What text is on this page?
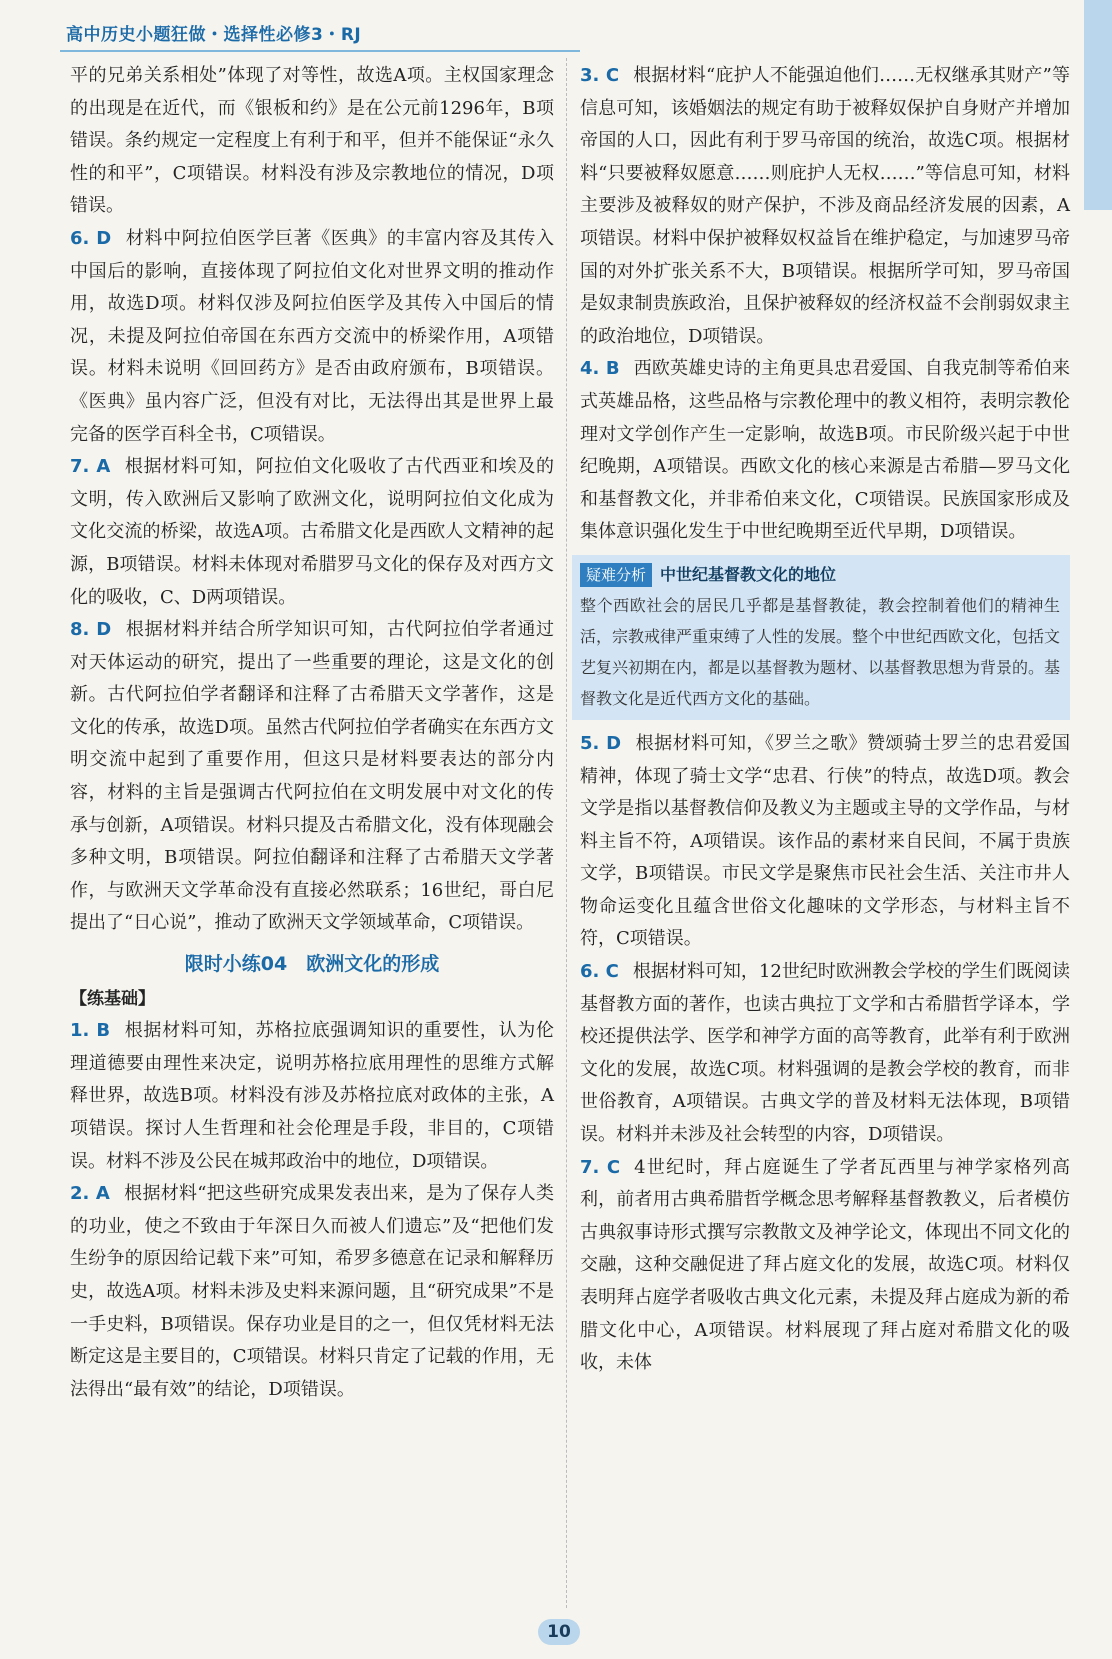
高中历史小题狂做・选择性必修3・RJ

平的兄弟关系相处”体现了对等性，故选A项。主权国家理念的出现是在近代，而《银板和约》是在公元前1296年，B项错误。条约规定一定程度上有利于和平，但并不能保证“永久性的和平”，C项错误。材料没有涉及宗教地位的情况，D项错误。

6. D 材料中阿拉伯医学巨著《医典》的丰富内容及其传入中国后的影响，直接体现了阿拉伯文化对世界文明的推动作用，故选D项。材料仅涉及阿拉伯医学及其传入中国后的情况，未提及阿拉伯帝国在东西方交流中的桥梁作用，A项错误。材料未说明《回回药方》是否由政府颁布，B项错误。《医典》虽内容广泛，但没有对比，无法得出其是世界上最完备的医学百科全书，C项错误。

7. A 根据材料可知，阿拉伯文化吸收了古代西亚和埃及的文明，传入欧洲后又影响了欧洲文化，说明阿拉伯文化成为文化交流的桥梁，故选A项。古希腊文化是西欧人文精神的起源，B项错误。材料未体现对希腊罗马文化的保存及对西方文化的吸收，C、D两项错误。

8. D 根据材料并结合所学知识可知，古代阿拉伯学者通过对天体运动的研究，提出了一些重要的理论，这是文化的创新。古代阿拉伯学者翻译和注释了古希腊天文学著作，这是文化的传承，故选D项。虽然古代阿拉伯学者确实在东西方文明交流中起到了重要作用，但这只是材料要表达的部分内容，材料的主旨是强调古代阿拉伯在文明发展中对文化的传承与创新，A项错误。材料只提及古希腊文化，没有体现融会多种文明，B项错误。阿拉伯翻译和注释了古希腊天文学著作，与欧洲天文学革命没有直接必然联系；16世纪，哥白尼提出了“日心说”，推动了欧洲天文学领域革命，C项错误。

限时小练04　欧洲文化的形成
【练基础】

1. B 根据材料可知，苏格拉底强调知识的重要性，认为伦理道德要由理性来决定，说明苏格拉底用理性的思维方式解释世界，故选B项。材料没有涉及苏格拉底对政体的主张，A项错误。探讨人生哲理和社会伦理是手段，非目的，C项错误。材料不涉及公民在城邦政治中的地位，D项错误。

2. A 根据材料“把这些研究成果发表出来，是为了保存人类的功业，使之不致由于年深日久而被人们遗忘”及“把他们发生纷争的原因给记载下来”可知，希罗多德意在记录和解释历史，故选A项。材料未涉及史料来源问题，且“研究成果”不是一手史料，B项错误。保存功业是目的之一，但仅凭材料无法断定这是主要目的，C项错误。材料只肯定了记载的作用，无法得出“最有效”的结论，D项错误。

3. C 根据材料“庇护人不能强迫他们……无权继承其财产”等信息可知，该婚姻法的规定有助于被释奴保护自身财产并增加帝国的人口，因此有利于罗马帝国的统治，故选C项。根据材料“只要被释奴愿意……则庇护人无权……”等信息可知，材料主要涉及被释奴的财产保护，不涉及商品经济发展的因素，A项错误。材料中保护被释奴权益旨在维护稳定，与加速罗马帝国的对外扩张关系不大，B项错误。根据所学可知，罗马帝国是奴隶制贵族政治，且保护被释奴的经济权益不会削弱奴隶主的政治地位，D项错误。

4. B 西欧英雄史诗的主角更具忠君爱国、自我克制等希伯来式英雄品格，这些品格与宗教伦理中的教义相符，表明宗教伦理对文学创作产生一定影响，故选B项。市民阶级兴起于中世纪晚期，A项错误。西欧文化的核心来源是古希腊—罗马文化和基督教文化，并非希伯来文化，C项错误。民族国家形成及集体意识强化发生于中世纪晚期至近代早期，D项错误。

疑难分析 中世纪基督教文化的地位
整个西欧社会的居民几乎都是基督教徒，教会控制着他们的精神生活，宗教戒律严重束缚了人性的发展。整个中世纪西欧文化，包括文艺复兴初期在内，都是以基督教为题材、以基督教思想为背景的。基督教文化是近代西方文化的基础。

5. D 根据材料可知，《罗兰之歌》赞颂骑士罗兰的忠君爱国精神，体现了骑士文学“忠君、行侠”的特点，故选D项。教会文学是指以基督教信仰及教义为主题或主导的文学作品，与材料主旨不符，A项错误。该作品的素材来自民间，不属于贵族文学，B项错误。市民文学是聚焦市民社会生活、关注市井人物命运变化且蕴含世俗文化趣味的文学形态，与材料主旨不符，C项错误。

6. C 根据材料可知，12世纪时欧洲教会学校的学生们既阅读基督教方面的著作，也读古典拉丁文学和古希腊哲学译本，学校还提供法学、医学和神学方面的高等教育，此举有利于欧洲文化的发展，故选C项。材料强调的是教会学校的教育，而非世俗教育，A项错误。古典文学的普及材料无法体现，B项错误。材料并未涉及社会转型的内容，D项错误。

7. C 4世纪时，拜占庭诞生了学者瓦西里与神学家格列高利，前者用古典希腊哲学概念思考解释基督教教义，后者模仿古典叙事诗形式撰写宗教散文及神学论文，体现出不同文化的交融，这种交融促进了拜占庭文化的发展，故选C项。材料仅表明拜占庭学者吸收古典文化元素，未提及拜占庭成为新的希腊文化中心，A项错误。材料展现了拜占庭对希腊文化的吸收，未体

10
